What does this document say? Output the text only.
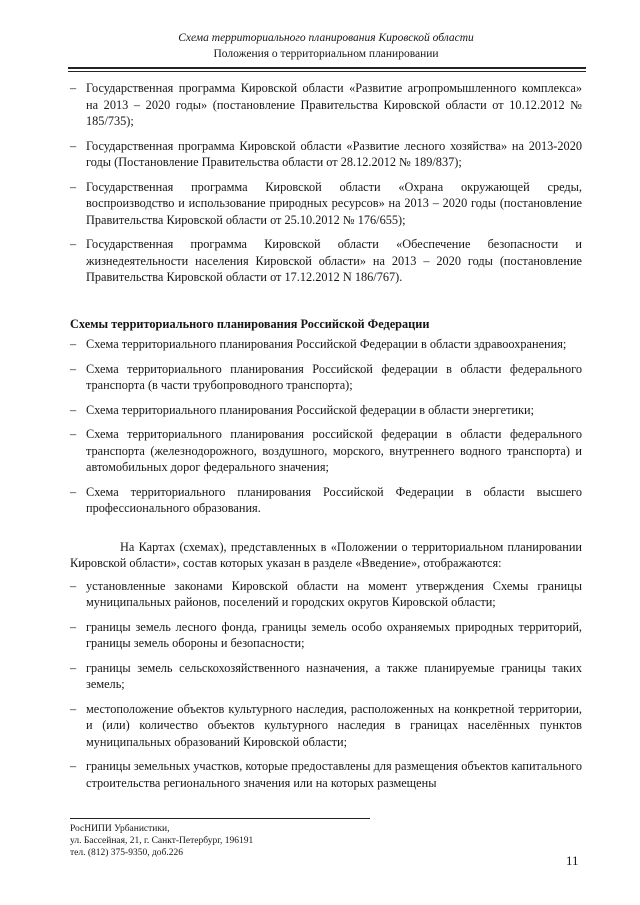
Схема территориального планирования Кировской области
Положения о территориальном планировании
– Государственная программа Кировской области «Развитие агропромышленного комплекса» на 2013 – 2020 годы» (постановление Правительства Кировской области от 10.12.2012 № 185/735);
– Государственная программа Кировской области «Развитие лесного хозяйства» на 2013-2020 годы (Постановление Правительства области от 28.12.2012 № 189/837);
– Государственная программа Кировской области «Охрана окружающей среды, воспроизводство и использование природных ресурсов» на 2013 – 2020 годы (постановление Правительства Кировской области от 25.10.2012 № 176/655);
– Государственная программа Кировской области «Обеспечение безопасности и жизнедеятельности населения Кировской области» на 2013 – 2020 годы (постановление Правительства Кировской области от 17.12.2012 N 186/767).
Схемы территориального планирования Российской Федерации
– Схема территориального планирования Российской Федерации в области здравоохранения;
– Схема территориального планирования Российской федерации в области федерального транспорта (в части трубопроводного транспорта);
– Схема территориального планирования Российской федерации в области энергетики;
– Схема территориального планирования российской федерации в области федерального транспорта (железнодорожного, воздушного, морского, внутреннего водного транспорта) и автомобильных дорог федерального значения;
– Схема территориального планирования Российской Федерации в области высшего профессионального образования.

На Картах (схемах), представленных в «Положении о территориальном планировании Кировской области», состав которых указан в разделе «Введение», отображаются:

– установленные законами Кировской области на момент утверждения Схемы границы муниципальных районов, поселений и городских округов Кировской области;
– границы земель лесного фонда, границы земель особо охраняемых природных территорий, границы земель обороны и безопасности;
– границы земель сельскохозяйственного назначения, а также планируемые границы таких земель;
– местоположение объектов культурного наследия, расположенных на конкретной территории, и (или) количество объектов культурного наследия в границах населённых пунктов муниципальных образований Кировской области;
– границы земельных участков, которые предоставлены для размещения объектов капитального строительства регионального значения или на которых размещены
РосНИПИ Урбанистики,
ул. Бассейная, 21, г. Санкт-Петербург, 196191
тел. (812) 375-9350, доб.226	11
